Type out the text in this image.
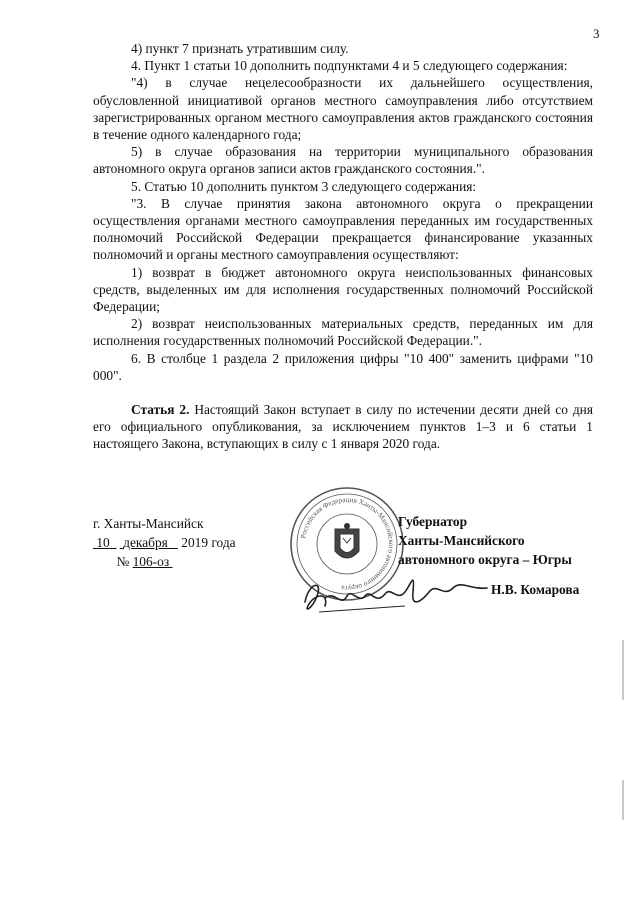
3

4) пункт 7 признать утратившим силу.

4. Пункт 1 статьи 10 дополнить подпунктами 4 и 5 следующего содержания:

"4) в случае нецелесообразности их дальнейшего осуществления, обусловленной инициативой органов местного самоуправления либо отсутствием зарегистрированных органом местного самоуправления актов гражданского состояния в течение одного календарного года;

5) в случае образования на территории муниципального образования автономного округа органов записи актов гражданского состояния.".

5. Статью 10 дополнить пунктом 3 следующего содержания:

"3. В случае принятия закона автономного округа о прекращении осуществления органами местного самоуправления переданных им государственных полномочий Российской Федерации прекращается финансирование указанных полномочий и органы местного самоуправления осуществляют:

1) возврат в бюджет автономного округа неиспользованных финансовых средств, выделенных им для исполнения государственных полномочий Российской Федерации;

2) возврат неиспользованных материальных средств, переданных им для исполнения государственных полномочий Российской Федерации.".

6. В столбце 1 раздела 2 приложения цифры "10 400" заменить цифрами "10 000".

Статья 2. Настоящий Закон вступает в силу по истечении десяти дней со дня его официального опубликования, за исключением пунктов 1–3 и 6 статьи 1 настоящего Закона, вступающих в силу с 1 января 2020 года.

г. Ханты-Мансийск
10 декабря 2019 года
№ 106-оз
Российская Федерация Ханты-Мансийского автономного округа
Губернатор
Ханты-Мансийского
автономного округа – Югры
Н.В. Комарова
